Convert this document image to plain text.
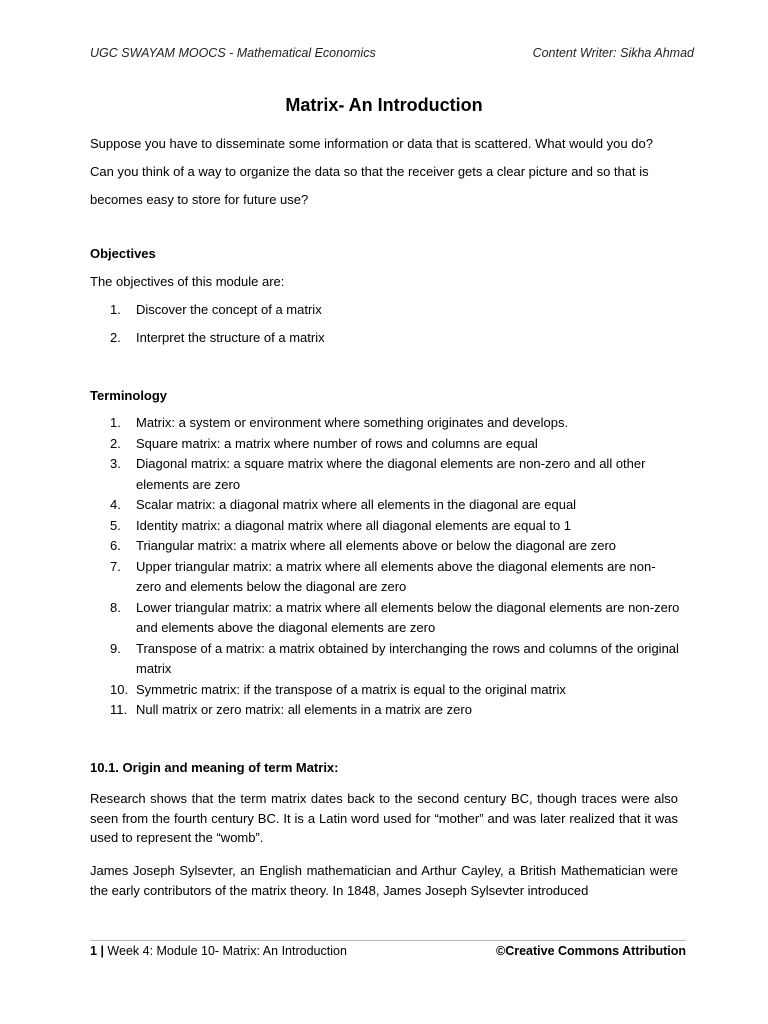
UGC SWAYAM MOOCS - Mathematical Economics	Content Writer: Sikha Ahmad
Matrix- An Introduction
Suppose you have to disseminate some information or data that is scattered. What would you do? Can you think of a way to organize the data so that the receiver gets a clear picture and so that is becomes easy to store for future use?
Objectives
The objectives of this module are:
1.	Discover the concept of a matrix
2.	Interpret the structure of a matrix
Terminology
1.	Matrix: a system or environment where something originates and develops.
2.	Square matrix: a matrix where number of rows and columns are equal
3.	Diagonal matrix: a square matrix where the diagonal elements are non-zero and all other elements are zero
4.	Scalar matrix: a diagonal matrix where all elements in the diagonal are equal
5.	Identity matrix: a diagonal matrix where all diagonal elements are equal to 1
6.	Triangular matrix: a matrix where all elements above or below the diagonal are zero
7.	Upper triangular matrix: a matrix where all elements above the diagonal elements are non-zero and elements below the diagonal are zero
8.	Lower triangular matrix: a matrix where all elements below the diagonal elements are non-zero and elements above the diagonal elements are zero
9.	Transpose of a matrix: a matrix obtained by interchanging the rows and columns of the original matrix
10. Symmetric matrix: if the transpose of a matrix is equal to the original matrix
11. Null matrix or zero matrix: all elements in a matrix are zero
10.1. Origin and meaning of term Matrix:
Research shows that the term matrix dates back to the second century BC, though traces were also seen from the fourth century BC. It is a Latin word used for “mother” and was later realized that it was used to represent the “womb”.
James Joseph Sylsevter, an English mathematician and Arthur Cayley, a British Mathematician were the early contributors of the matrix theory. In 1848, James Joseph Sylsevter introduced
1 | Week 4: Module 10- Matrix: An Introduction	©Creative Commons Attribution
